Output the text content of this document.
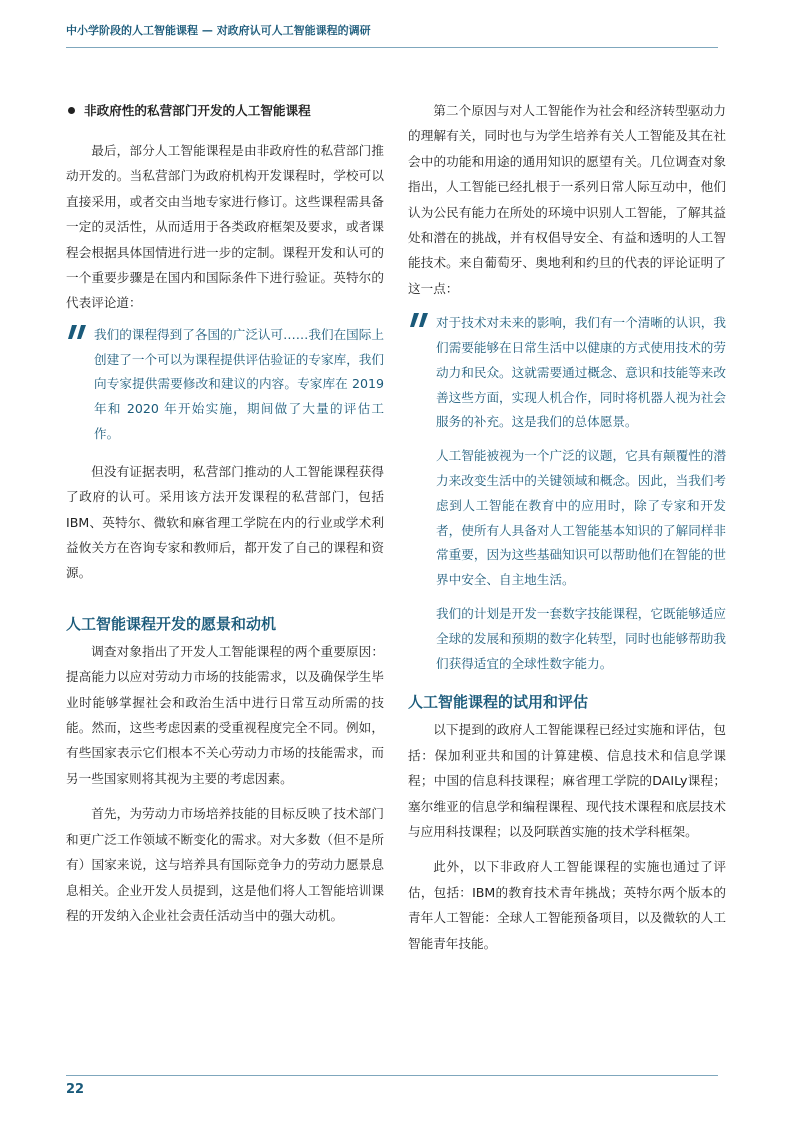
中小学阶段的人工智能课程 — 对政府认可人工智能课程的调研
非政府性的私营部门开发的人工智能课程

最后，部分人工智能课程是由非政府性的私营部门推动开发的。当私营部门为政府机构开发课程时，学校可以直接采用，或者交由当地专家进行修订。这些课程需具备一定的灵活性，从而适用于各类政府框架及要求，或者课程会根据具体国情进行进一步的定制。课程开发和认可的一个重要步骤是在国内和国际条件下进行验证。英特尔的代表评论道：

我们的课程得到了各国的广泛认可……我们在国际上创建了一个可以为课程提供评估验证的专家库，我们向专家提供需要修改和建议的内容。专家库在 2019 年和 2020 年开始实施，期间做了大量的评估工作。

但没有证据表明，私营部门推动的人工智能课程获得了政府的认可。采用该方法开发课程的私营部门，包括IBM、英特尔、微软和麻省理工学院在内的行业或学术利益攸关方在咨询专家和教师后，都开发了自己的课程和资源。

人工智能课程开发的愿景和动机

调查对象指出了开发人工智能课程的两个重要原因：提高能力以应对劳动力市场的技能需求，以及确保学生毕业时能够掌握社会和政治生活中进行日常互动所需的技能。然而，这些考虑因素的受重视程度完全不同。例如，有些国家表示它们根本不关心劳动力市场的技能需求，而另一些国家则将其视为主要的考虑因素。

首先，为劳动力市场培养技能的目标反映了技术部门和更广泛工作领域不断变化的需求。对大多数（但不是所有）国家来说，这与培养具有国际竞争力的劳动力愿景息息相关。企业开发人员提到，这是他们将人工智能培训课程的开发纳入企业社会责任活动当中的强大动机。

第二个原因与对人工智能作为社会和经济转型驱动力的理解有关，同时也与为学生培养有关人工智能及其在社会中的功能和用途的通用知识的愿望有关。几位调查对象指出，人工智能已经扎根于一系列日常人际互动中，他们认为公民有能力在所处的环境中识别人工智能，了解其益处和潜在的挑战，并有权倡导安全、有益和透明的人工智能技术。来自葡萄牙、奥地利和约旦的代表的评论证明了这一点：

对于技术对未来的影响，我们有一个清晰的认识，我们需要能够在日常生活中以健康的方式使用技术的劳动力和民众。这就需要通过概念、意识和技能等来改善这些方面，实现人机合作，同时将机器人视为社会服务的补充。这是我们的总体愿景。

人工智能被视为一个广泛的议题，它具有颠覆性的潜力来改变生活中的关键领域和概念。因此，当我们考虑到人工智能在教育中的应用时，除了专家和开发者，使所有人具备对人工智能基本知识的了解同样非常重要，因为这些基础知识可以帮助他们在智能的世界中安全、自主地生活。

我们的计划是开发一套数字技能课程，它既能够适应全球的发展和预期的数字化转型，同时也能够帮助我们获得适宜的全球性数字能力。

人工智能课程的试用和评估

以下提到的政府人工智能课程已经过实施和评估，包括：保加利亚共和国的计算建模、信息技术和信息学课程；中国的信息科技课程；麻省理工学院的DAILy课程；塞尔维亚的信息学和编程课程、现代技术课程和底层技术与应用科技课程；以及阿联酋实施的技术学科框架。

此外，以下非政府人工智能课程的实施也通过了评估，包括：IBM的教育技术青年挑战；英特尔两个版本的青年人工智能：全球人工智能预备项目，以及微软的人工智能青年技能。

22
